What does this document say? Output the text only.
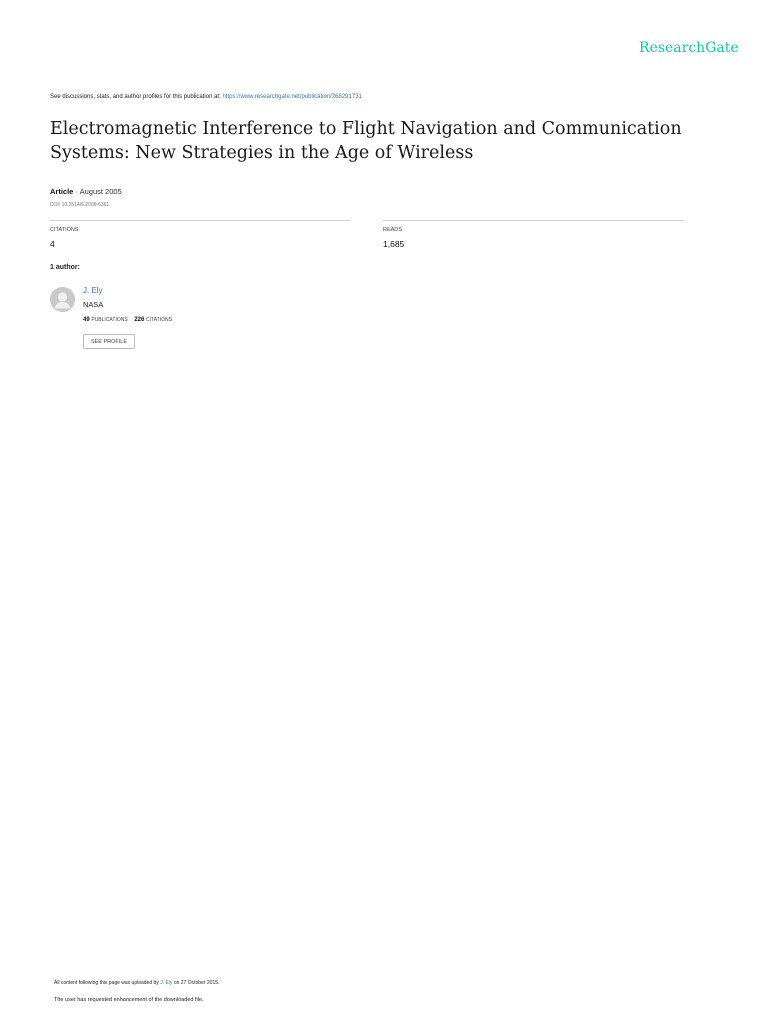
ResearchGate
See discussions, stats, and author profiles for this publication at: https://www.researchgate.net/publication/268291731
Electromagnetic Interference to Flight Navigation and Communication Systems: New Strategies in the Age of Wireless
Article · August 2005
DOI: 10.2514/6.2005-6361
CITATIONS
4
READS
1,685
1 author:
J. Ely
NASA
49 PUBLICATIONS 226 CITATIONS
SEE PROFILE
All content following this page was uploaded by J. Ely on 27 October 2015.
The user has requested enhancement of the downloaded file.
